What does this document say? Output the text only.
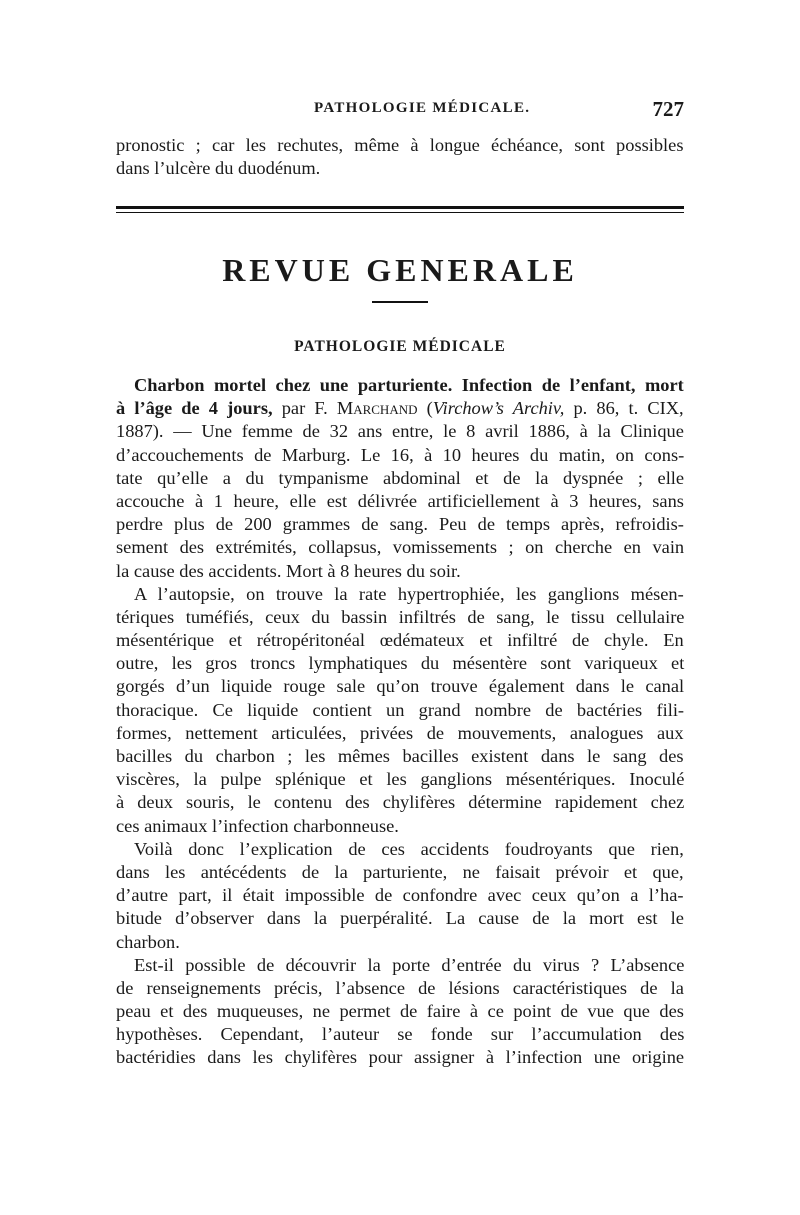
PATHOLOGIE MÉDICALE.	727
pronostic ; car les rechutes, même à longue échéance, sont possibles
dans l’ulcère du duodénum.
REVUE GENERALE
PATHOLOGIE MÉDICALE
Charbon mortel chez une parturiente. Infection de l’enfant, mort
à l’âge de 4 jours, par F. Marchand (Virchow’s Archiv, p. 86, t. CIX,
1887). — Une femme de 32 ans entre, le 8 avril 1886, à la Clinique
d’accouchements de Marburg. Le 16, à 10 heures du matin, on cons-
tate qu’elle a du tympanisme abdominal et de la dyspnée ; elle
accouche à 1 heure, elle est délivrée artificiellement à 3 heures, sans
perdre plus de 200 grammes de sang. Peu de temps après, refroidis-
sement des extrémités, collapsus, vomissements ; on cherche en vain
la cause des accidents. Mort à 8 heures du soir.
A l’autopsie, on trouve la rate hypertrophiée, les ganglions mésen-
tériques tuméfiés, ceux du bassin infiltrés de sang, le tissu cellulaire
mésentérique et rétropéritonéal œdémateux et infiltré de chyle. En
outre, les gros troncs lymphatiques du mésentère sont variqueux et
gorgés d’un liquide rouge sale qu’on trouve également dans le canal
thoracique. Ce liquide contient un grand nombre de bactéries fili-
formes, nettement articulées, privées de mouvements, analogues aux
bacilles du charbon ; les mêmes bacilles existent dans le sang des
viscères, la pulpe splénique et les ganglions mésentériques. Inoculé
à deux souris, le contenu des chylifères détermine rapidement chez
ces animaux l’infection charbonneuse.
Voilà donc l’explication de ces accidents foudroyants que rien,
dans les antécédents de la parturiente, ne faisait prévoir et que,
d’autre part, il était impossible de confondre avec ceux qu’on a l’ha-
bitude d’observer dans la puerpéralité. La cause de la mort est le
charbon.
Est-il possible de découvrir la porte d’entrée du virus ? L’absence
de renseignements précis, l’absence de lésions caractéristiques de la
peau et des muqueuses, ne permet de faire à ce point de vue que des
hypothèses. Cependant, l’auteur se fonde sur l’accumulation des
bactéridies dans les chylifères pour assigner à l’infection une origine
